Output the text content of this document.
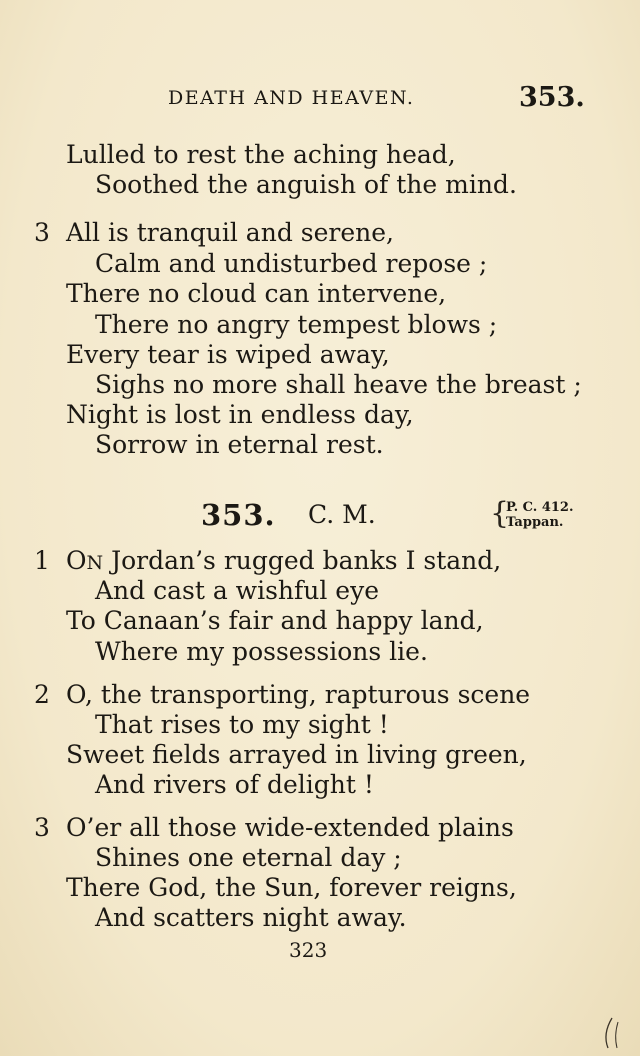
DEATH AND HEAVEN.	353.
Lulled to rest the aching head,
Soothed the anguish of the mind.
3 All is tranquil and serene,
Calm and undisturbed repose ;
There no cloud can intervene,
There no angry tempest blows ;
Every tear is wiped away,
Sighs no more shall heave the breast ;
Night is lost in endless day,
Sorrow in eternal rest.
353. C. M.	{
P. C. 412.
Tappan.
1 ON Jordan’s rugged banks I stand,
And cast a wishful eye
To Canaan’s fair and happy land,
Where my possessions lie.
2 O, the transporting, rapturous scene
That rises to my sight !
Sweet fields arrayed in living green,
And rivers of delight !
3 O’er all those wide-extended plains
Shines one eternal day ;
There God, the Sun, forever reigns,
And scatters night away.
323
